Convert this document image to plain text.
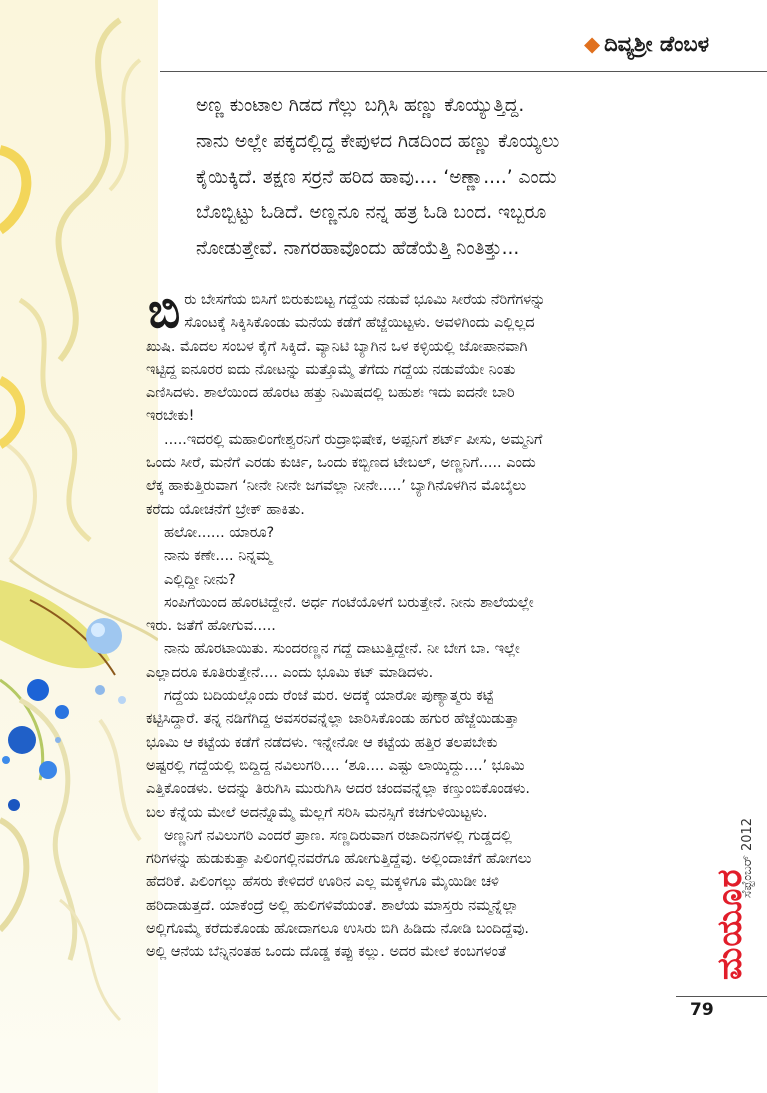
◆ ದಿವ್ಯಶ್ರೀ ಡೆಂಬಳ

ಅಣ್ಣ ಕುಂಟಾಲ ಗಿಡದ ಗೆಲ್ಲು ಬಗ್ಗಿಸಿ ಹಣ್ಣು ಕೊಯ್ಯುತ್ತಿದ್ದ.

ನಾನು ಅಲ್ಲೇ ಪಕ್ಕದಲ್ಲಿದ್ದ ಕೇಪುಳದ ಗಿಡದಿಂದ ಹಣ್ಣು ಕೊಯ್ಯಲು

ಕೈಯಿಕ್ಕಿದೆ. ತಕ್ಷಣ ಸರ್ರನೆ ಹರಿದ ಹಾವು.... ‘ಅಣ್ಣಾ....’ ಎಂದು

ಬೊಬ್ಬಿಟ್ಟು ಓಡಿದೆ. ಅಣ್ಣನೂ ನನ್ನ ಹತ್ರ ಓಡಿ ಬಂದ. ಇಬ್ಬರೂ

ನೋಡುತ್ತೇವೆ. ನಾಗರಹಾವೊಂದು ಹೆಡೆಯೆತ್ತಿ ನಿಂತಿತ್ತು...

ಬಿ ರು ಬೇಸಗೆಯ ಬಿಸಿಗೆ ಬಿರುಕುಬಿಟ್ಟ ಗದ್ದೆಯ ನಡುವೆ ಭೂಮಿ ಸೀರೆಯ ನೆರಿಗೆಗಳನ್ನು

ಸೊಂಟಕ್ಕೆ ಸಿಕ್ಕಿಸಿಕೊಂಡು ಮನೆಯ ಕಡೆಗೆ ಹೆಜ್ಜೆಯಿಟ್ಟಳು. ಅವಳಿಗಿಂದು ಎಲ್ಲಿಲ್ಲದ

ಖುಷಿ. ಮೊದಲ ಸಂಬಳ ಕೈಗೆ ಸಿಕ್ಕಿದೆ. ವ್ಯಾನಿಟಿ ಬ್ಯಾಗಿನ ಒಳ ಕಳ್ಳಿಯಲ್ಲಿ ಜೋಪಾನವಾಗಿ

ಇಟ್ಟಿದ್ದ ಐನೂರರ ಐದು ನೋಟನ್ನು ಮತ್ತೊಮ್ಮೆ ತೆಗೆದು ಗದ್ದೆಯ ನಡುವೆಯೇ ನಿಂತು

ಎಣಿಸಿದಳು. ಶಾಲೆಯಿಂದ ಹೊರಟ ಹತ್ತು ನಿಮಿಷದಲ್ಲಿ ಬಹುಶಃ ಇದು ಐದನೇ ಬಾರಿ

ಇರಬೇಕು!

.....ಇದರಲ್ಲಿ ಮಹಾಲಿಂಗೇಶ್ವರನಿಗೆ ರುದ್ರಾಭಿಷೇಕ, ಅಪ್ಪನಿಗೆ ಶರ್ಟ್ ಪೀಸು, ಅಮ್ಮನಿಗೆ

ಒಂದು ಸೀರೆ, ಮನೆಗೆ ಎರಡು ಕುರ್ಚಿ, ಒಂದು ಕಬ್ಬಿಣದ ಟೇಬಲ್, ಅಣ್ಣನಿಗೆ..... ಎಂದು

ಲೆಕ್ಕ ಹಾಕುತ್ತಿರುವಾಗ ‘ನೀನೇ ನೀನೇ ಜಗವೆಲ್ಲಾ ನೀನೇ.....’ ಬ್ಯಾಗಿನೊಳಗಿನ ಮೊಬೈಲು

ಕರೆದು ಯೋಚನೆಗೆ ಬ್ರೇಕ್ ಹಾಕಿತು.

ಹಲೋ...... ಯಾರೂ?

ನಾನು ಕಣೇ.... ನಿನ್ನಮ್ಮ

ಎಲ್ಲಿದ್ದೀ ನೀನು?

ಸಂಪಿಗೆಯಿಂದ ಹೊರಟಿದ್ದೇನೆ. ಅರ್ಧ ಗಂಟೆಯೊಳಗೆ ಬರುತ್ತೇನೆ. ನೀನು ಶಾಲೆಯಲ್ಲೇ

ಇರು. ಜತೆಗೆ ಹೋಗುವ.....

ನಾನು ಹೊರಟಾಯಿತು. ಸುಂದರಣ್ಣನ ಗದ್ದೆ ದಾಟುತ್ತಿದ್ದೇನೆ. ನೀ ಬೇಗ ಬಾ. ಇಲ್ಲೇ

ಎಲ್ಲಾದರೂ ಕೂತಿರುತ್ತೇನೆ.... ಎಂದು ಭೂಮಿ ಕಟ್ ಮಾಡಿದಳು.

ಗದ್ದೆಯ ಬದಿಯಲ್ಲೊಂದು ರೆಂಜೆ ಮರ. ಅದಕ್ಕೆ ಯಾರೋ ಪುಣ್ಯಾತ್ಮರು ಕಟ್ಟೆ

ಕಟ್ಟಿಸಿದ್ದಾರೆ. ತನ್ನ ನಡಿಗೆಗಿದ್ದ ಅವಸರವನ್ನೆಲ್ಲಾ ಜಾರಿಸಿಕೊಂಡು ಹಗುರ ಹೆಜ್ಜೆಯಿಡುತ್ತಾ

ಭೂಮಿ ಆ ಕಟ್ಟೆಯ ಕಡೆಗೆ ನಡೆದಳು. ಇನ್ನೇನೋ ಆ ಕಟ್ಟೆಯ ಹತ್ತಿರ ತಲಪಬೇಕು

ಅಷ್ಟರಲ್ಲಿ ಗದ್ದೆಯಲ್ಲಿ ಬಿದ್ದಿದ್ದ ನವಿಲುಗರಿ.... ‘ಶೂ.... ಎಷ್ಟು ಲಾಯ್ಕಿದ್ದು....’ ಭೂಮಿ

ಎತ್ತಿಕೊಂಡಳು. ಅದನ್ನು ತಿರುಗಿಸಿ ಮುರುಗಿಸಿ ಅದರ ಚಂದವನ್ನೆಲ್ಲಾ ಕಣ್ತುಂಬಿಕೊಂಡಳು.

ಬಲ ಕೆನ್ನೆಯ ಮೇಲೆ ಅದನ್ನೊಮ್ಮೆ ಮೆಲ್ಲಗೆ ಸರಿಸಿ ಮನಸ್ಸಿಗೆ ಕಚಗುಳಿಯಿಟ್ಟಳು.

ಅಣ್ಣನಿಗೆ ನವಿಲುಗರಿ ಎಂದರೆ ಪ್ರಾಣ. ಸಣ್ಣದಿರುವಾಗ ರಜಾದಿನಗಳಲ್ಲಿ ಗುಡ್ಡದಲ್ಲಿ

ಗರಿಗಳನ್ನು ಹುಡುಕುತ್ತಾ ಪಿಲಿಂಗಲ್ಲಿನವರೆಗೂ ಹೋಗುತ್ತಿದ್ದೆವು. ಅಲ್ಲಿಂದಾಚೆಗೆ ಹೋಗಲು

ಹೆದರಿಕೆ. ಪಿಲಿಂಗಲ್ಲು ಹೆಸರು ಕೇಳಿದರೆ ಊರಿನ ಎಲ್ಲ ಮಕ್ಕಳಿಗೂ ಮೈಯಿಡೀ ಚಳಿ

ಹರಿದಾಡುತ್ತದೆ. ಯಾಕೆಂದ್ರೆ ಅಲ್ಲಿ ಹುಲಿಗಳಿವೆಯಂತೆ. ಶಾಲೆಯ ಮಾಸ್ತರು ನಮ್ಮನ್ನೆಲ್ಲಾ

ಅಲ್ಲಿಗೊಮ್ಮೆ ಕರೆದುಕೊಂಡು ಹೋದಾಗಲೂ ಉಸಿರು ಬಿಗಿ ಹಿಡಿದು ನೋಡಿ ಬಂದಿದ್ದೆವು.

ಅಲ್ಲಿ ಆನೆಯ ಬೆನ್ನಿನಂತಹ ಒಂದು ದೊಡ್ಡ ಕಪ್ಪು ಕಲ್ಲು. ಅದರ ಮೇಲೆ ಕಂಬಗಳಂತೆ	ಮಯೂರ
ಸೆಪ್ಟೆಂಬರ್ 2012
79
